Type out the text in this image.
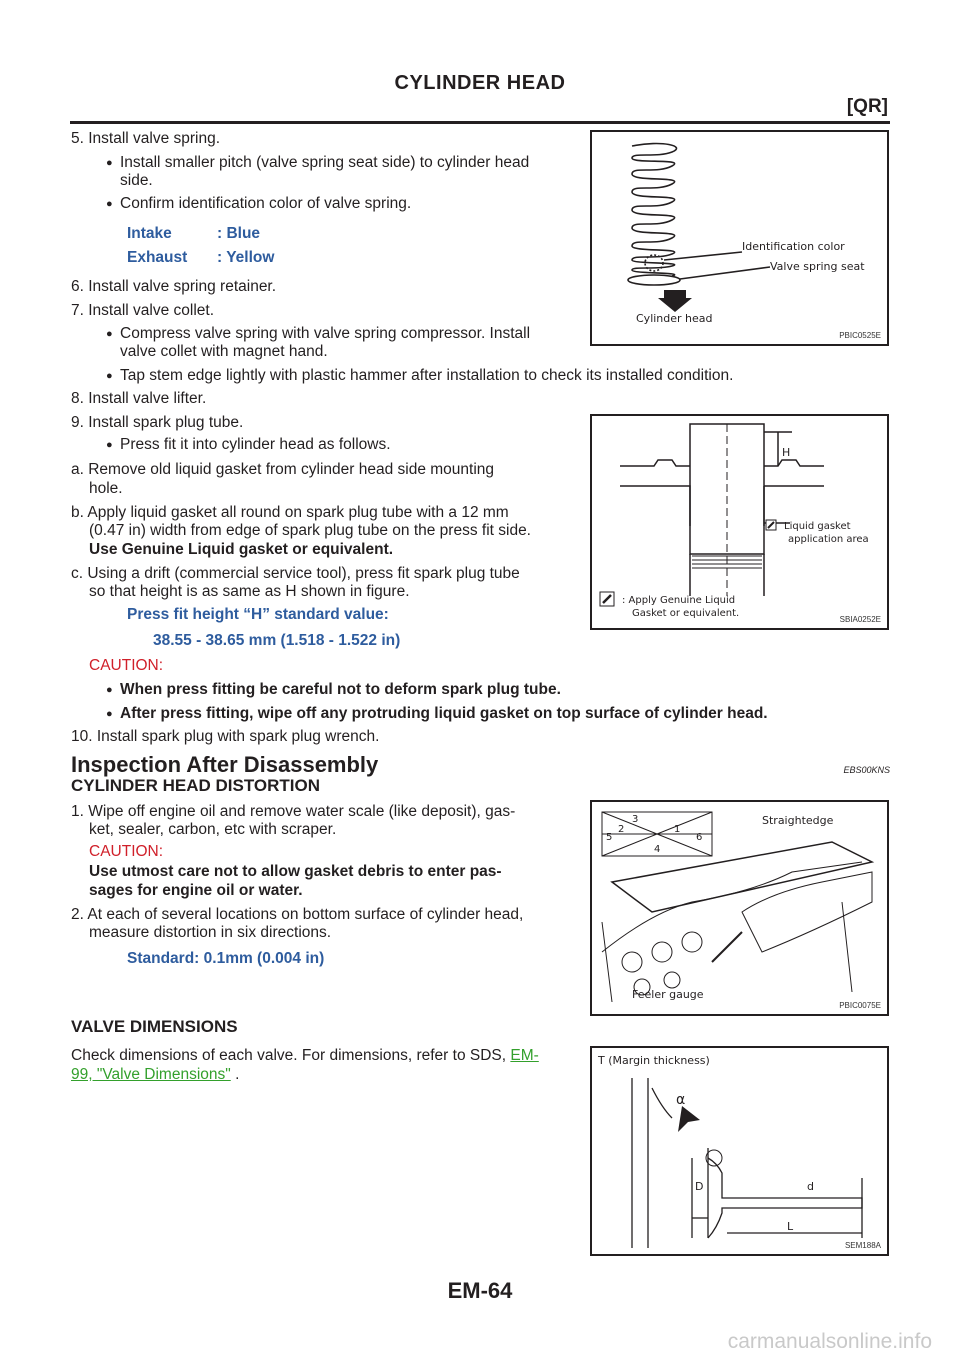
CYLINDER HEAD
[QR]
5. Install valve spring.
● Install smaller pitch (valve spring seat side) to cylinder head
side.
● Confirm identification color of valve spring.
Intake	: Blue
Exhaust : Yellow
6. Install valve spring retainer.
7. Install valve collet.
● Compress valve spring with valve spring compressor. Install
valve collet with magnet hand.
● Tap stem edge lightly with plastic hammer after installation to check its installed condition.
8. Install valve lifter.
9. Install spark plug tube.
● Press fit it into cylinder head as follows.
a. Remove old liquid gasket from cylinder head side mounting
hole.
b. Apply liquid gasket all round on spark plug tube with a 12 mm
(0.47 in) width from edge of spark plug tube on the press fit side.
Use Genuine Liquid gasket or equivalent.
c. Using a drift (commercial service tool), press fit spark plug tube
so that height is as same as H shown in figure.
Press fit height “H” standard value:
38.55 - 38.65 mm (1.518 - 1.522 in)
CAUTION:
● When press fitting be careful not to deform spark plug tube.
● After press fitting, wipe off any protruding liquid gasket on top surface of cylinder head.
10. Install spark plug with spark plug wrench.
Inspection After Disassembly	EBS00KNS
CYLINDER HEAD DISTORTION
1. Wipe off engine oil and remove water scale (like deposit), gas-
ket, sealer, carbon, etc with scraper.
CAUTION:
Use utmost care not to allow gasket debris to enter pas-
sages for engine oil or water.
2. At each of several locations on bottom surface of cylinder head,
measure distortion in six directions.
Standard: 0.1mm (0.004 in)
VALVE DIMENSIONS
Check dimensions of each valve. For dimensions, refer to SDS, EM-
99, "Valve Dimensions" .
Identification color
Valve spring seat
Cylinder head
PBIC0525E
H
Liquid gasket
application area
: Apply Genuine Liquid
Gasket or equivalent.
SBIA0252E
3
2	1
5	6
4
Straightedge
Feeler gauge
PBIC0075E
T (Margin thickness)
α
D	d
L
SEM188A
EM-64
carmanualsonline.info
